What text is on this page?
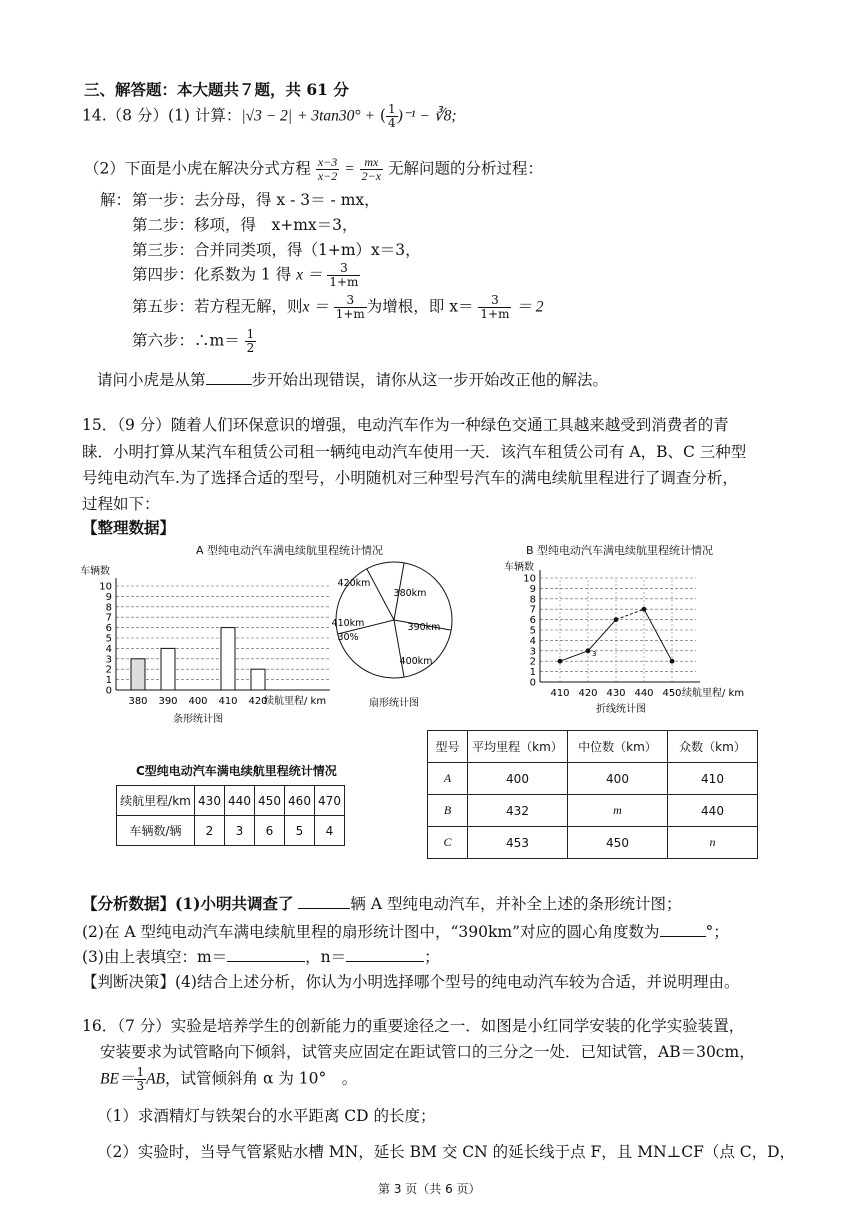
三、解答题：本大题共７题，共 61 分
14.（8 分）(1) 计算：|√3 − 2| + 3tan30° + ( $\frac{1}{4} )^{-1}$ − ∛8;
（2）下面是小虎在解决分式方程 $\frac{x-3}{x-2} = \frac{mx}{2-x}$ 无解问题的分析过程：
解： 第一步：去分母，得 x - 3＝ - mx，
第二步：移项，得　x+mx＝3，
第三步：合并同类项，得（1+m）x＝3，
第四步：化系数为 1 得 $x = \frac{3}{1+m}$
第五步：若方程无解，则$x = \frac{3}{1+m}$ 为增根，即 $x= \frac{3}{1+m} = 2$
第六步：∴m＝ $\frac{1}{2}$
请问小虎是从第	步开始出现错误，请你从这一步开始改正他的解法。
15．（9 分）随着人们环保意识的增强，电动汽车作为一种绿色交通工具越来越受到消费者的青
睐．小明打算从某汽车租赁公司租一辆纯电动汽车使用一天．该汽车租赁公司有 A，B、C 三种型
号纯电动汽车.为了选择合适的型号，小明随机对三种型号汽车的满电续航里程进行了调查分析，
过程如下：
【整理数据】
A 型纯电动汽车满电续航里程统计情况
0
1
2
3
4
5
6
7
8
9
10
车辆数
380 390 400 410 420
续航里程/ km
条形统计图
420km
380km
390km
400km
410km
30%
扇形统计图
B 型纯电动汽车满电续航里程统计情况
0
1
2
3
4
5
6
7
8
9
10
车辆数
410 420 430 440 450
3
续航里程/ km
折线统计图
C型纯电动汽车满电续航里程统计情况
续航里程/km	430	440	450	460	470
车辆数/辆	2	3	6	5	4
型号	平均里程（km）	中位数（km）	众数（km）
A	400	400	410
B	432	m	440
C	453	450	n
【分析数据】(1)小明共调查了	辆 A 型纯电动汽车，并补全上述的条形统计图；
(2)在 A 型纯电动汽车满电续航里程的扇形统计图中，“390km”对应的圆心角度数为	°；
(3)由上表填空：m＝	，n＝	；
【判断决策】(4)结合上述分析，你认为小明选择哪个型号的纯电动汽车较为合适，并说明理由。
16．（7 分）实验是培养学生的创新能力的重要途径之一．如图是小红同学安装的化学实验装置，
安装要求为试管略向下倾斜，试管夹应固定在距试管口的三分之一处．已知试管，AB＝30cm，
$BE= \frac{1}{3}$ AB，试管倾斜角 α 为 10°　。
（1）求酒精灯与铁架台的水平距离 CD 的长度；
（2）实验时，当导气管紧贴水槽 MN，延长 BM 交 CN 的延长线于点 F，且 MN⊥CF（点 C，D，
第 3 页（共 6 页）
